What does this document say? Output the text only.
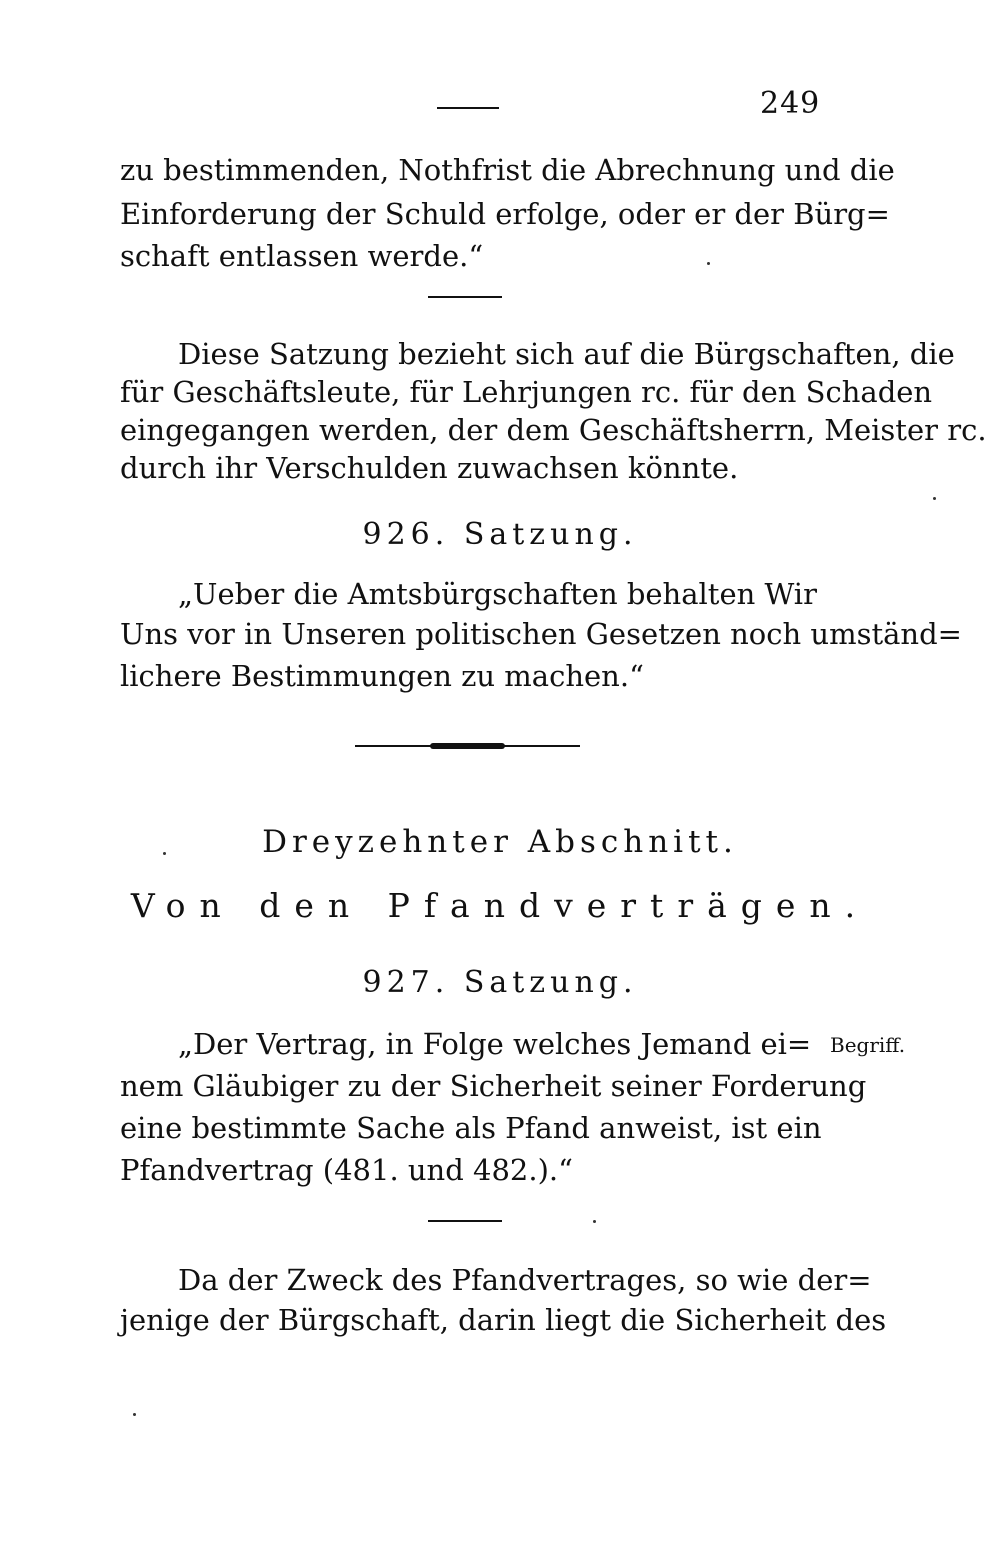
249
zu bestimmenden, Nothfrist die Abrechnung und die
Einforderung der Schuld erfolge, oder er der Bürg=
schaft entlassen werde.“
Diese Satzung bezieht sich auf die Bürgschaften, die
für Geschäftsleute, für Lehrjungen rc. für den Schaden
eingegangen werden, der dem Geschäftsherrn, Meister rc.
durch ihr Verschulden zuwachsen könnte.
926. Satzung.
„Ueber die Amtsbürgschaften behalten Wir
Uns vor in Unseren politischen Gesetzen noch umständ=
lichere Bestimmungen zu machen.“
Dreyzehnter Abschnitt.
Von den Pfandverträgen.
927. Satzung.
„Der Vertrag, in Folge welches Jemand ei= Begriff.
nem Gläubiger zu der Sicherheit seiner Forderung
eine bestimmte Sache als Pfand anweist, ist ein
Pfandvertrag (481. und 482.).“
Da der Zweck des Pfandvertrages, so wie der=
jenige der Bürgschaft, darin liegt die Sicherheit des
